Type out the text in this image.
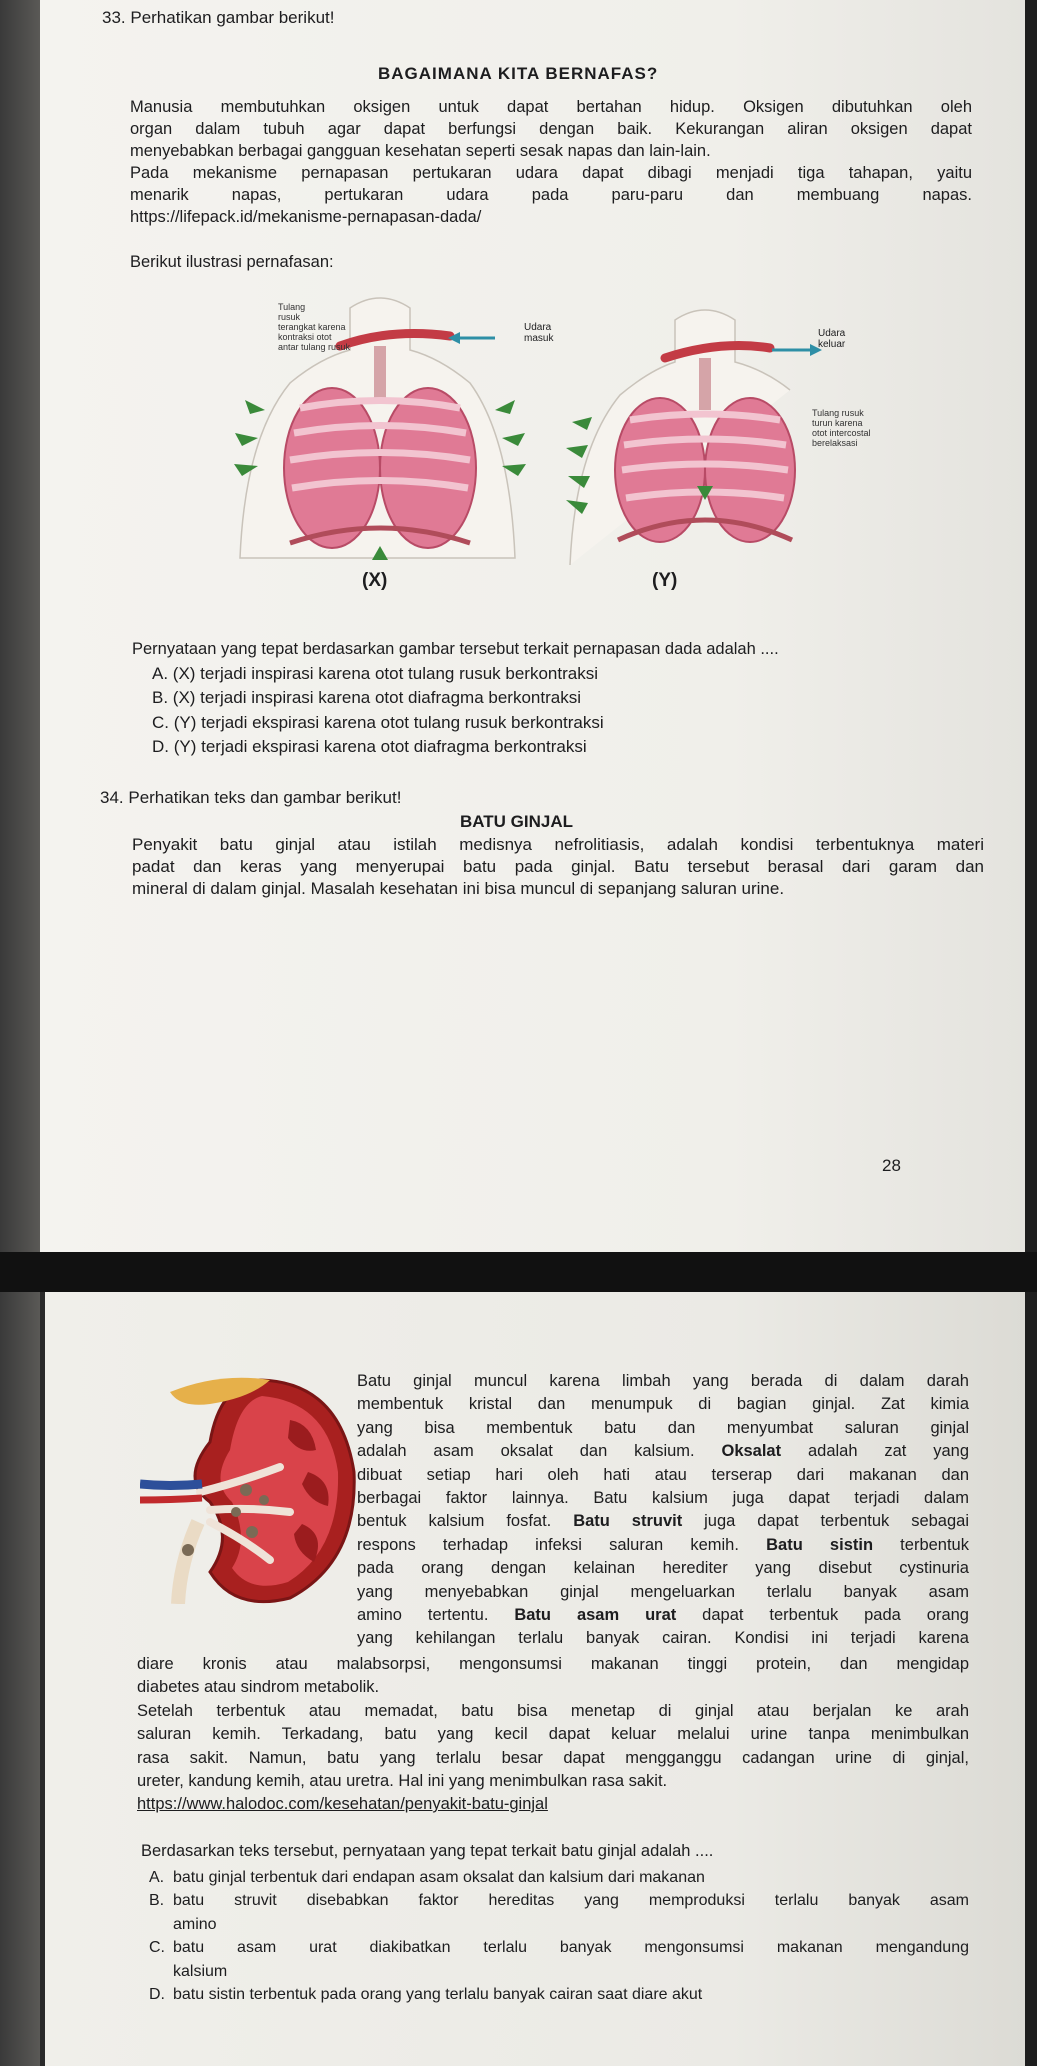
33. Perhatikan gambar berikut!
BAGAIMANA KITA BERNAFAS?
Manusia membutuhkan oksigen untuk dapat bertahan hidup. Oksigen dibutuhkan oleh
organ dalam tubuh agar dapat berfungsi dengan baik. Kekurangan aliran oksigen dapat
menyebabkan berbagai gangguan kesehatan seperti sesak napas dan lain-lain.
Pada mekanisme pernapasan pertukaran udara dapat dibagi menjadi tiga tahapan, yaitu
menarik napas, pertukaran udara pada paru-paru dan membuang napas.
https://lifepack.id/mekanisme-pernapasan-dada/
Berikut ilustrasi pernafasan:
Tulang
rusuk
terangkat karena
kontraksi otot
antar tulang rusuk
Udara
masuk
(X)
Udara
keluar
Tulang rusuk
turun karena
otot intercostal
berelaksasi
(Y)
Pernyataan yang tepat berdasarkan gambar tersebut terkait pernapasan dada adalah ....
A. (X) terjadi inspirasi karena otot tulang rusuk berkontraksi
B. (X) terjadi inspirasi karena otot diafragma berkontraksi
C. (Y) terjadi ekspirasi karena otot tulang rusuk berkontraksi
D. (Y) terjadi ekspirasi karena otot diafragma berkontraksi
34. Perhatikan teks dan gambar berikut!
BATU GINJAL
Penyakit batu ginjal atau istilah medisnya nefrolitiasis, adalah kondisi terbentuknya materi
padat dan keras yang menyerupai batu pada ginjal. Batu tersebut berasal dari garam dan
mineral di dalam ginjal. Masalah kesehatan ini bisa muncul di sepanjang saluran urine.
28
Batu ginjal muncul karena limbah yang berada di dalam darah
membentuk kristal dan menumpuk di bagian ginjal. Zat kimia
yang bisa membentuk batu dan menyumbat saluran ginjal
adalah asam oksalat dan kalsium. Oksalat adalah zat yang
dibuat setiap hari oleh hati atau terserap dari makanan dan
berbagai faktor lainnya. Batu kalsium juga dapat terjadi dalam
bentuk kalsium fosfat. Batu struvit juga dapat terbentuk sebagai
respons terhadap infeksi saluran kemih. Batu sistin terbentuk
pada orang dengan kelainan herediter yang disebut cystinuria
yang menyebabkan ginjal mengeluarkan terlalu banyak asam
amino tertentu. Batu asam urat dapat terbentuk pada orang
yang kehilangan terlalu banyak cairan. Kondisi ini terjadi karena
diare kronis atau malabsorpsi, mengonsumsi makanan tinggi protein, dan mengidap
diabetes atau sindrom metabolik.
Setelah terbentuk atau memadat, batu bisa menetap di ginjal atau berjalan ke arah
saluran kemih. Terkadang, batu yang kecil dapat keluar melalui urine tanpa menimbulkan
rasa sakit. Namun, batu yang terlalu besar dapat mengganggu cadangan urine di ginjal,
ureter, kandung kemih, atau uretra. Hal ini yang menimbulkan rasa sakit.
https://www.halodoc.com/kesehatan/penyakit-batu-ginjal
Berdasarkan teks tersebut, pernyataan yang tepat terkait batu ginjal adalah ....
A. batu ginjal terbentuk dari endapan asam oksalat dan kalsium dari makanan
B. batu struvit disebabkan faktor hereditas yang memproduksi terlalu banyak asam
amino
C. batu asam urat diakibatkan terlalu banyak mengonsumsi makanan mengandung
kalsium
D. batu sistin terbentuk pada orang yang terlalu banyak cairan saat diare akut
